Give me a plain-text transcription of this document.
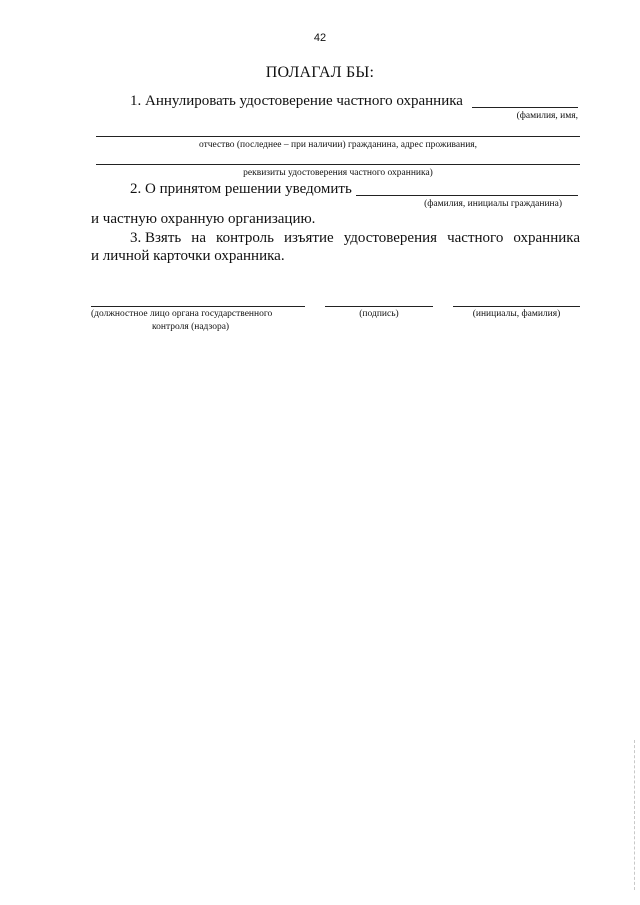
42
ПОЛАГАЛ БЫ:
1. Аннулировать удостоверение частного охранника
(фамилия, имя,
отчество (последнее – при наличии) гражданина, адрес проживания,
реквизиты удостоверения частного охранника)
2. О принятом решении уведомить
(фамилия, инициалы гражданина)
и частную охранную организацию.
3. Взять на контроль изъятие удостоверения частного охранника
и личной карточки охранника.
(должностное лицо органа государственного
контроля (надзора)
(подпись)	(инициалы, фамилия)
